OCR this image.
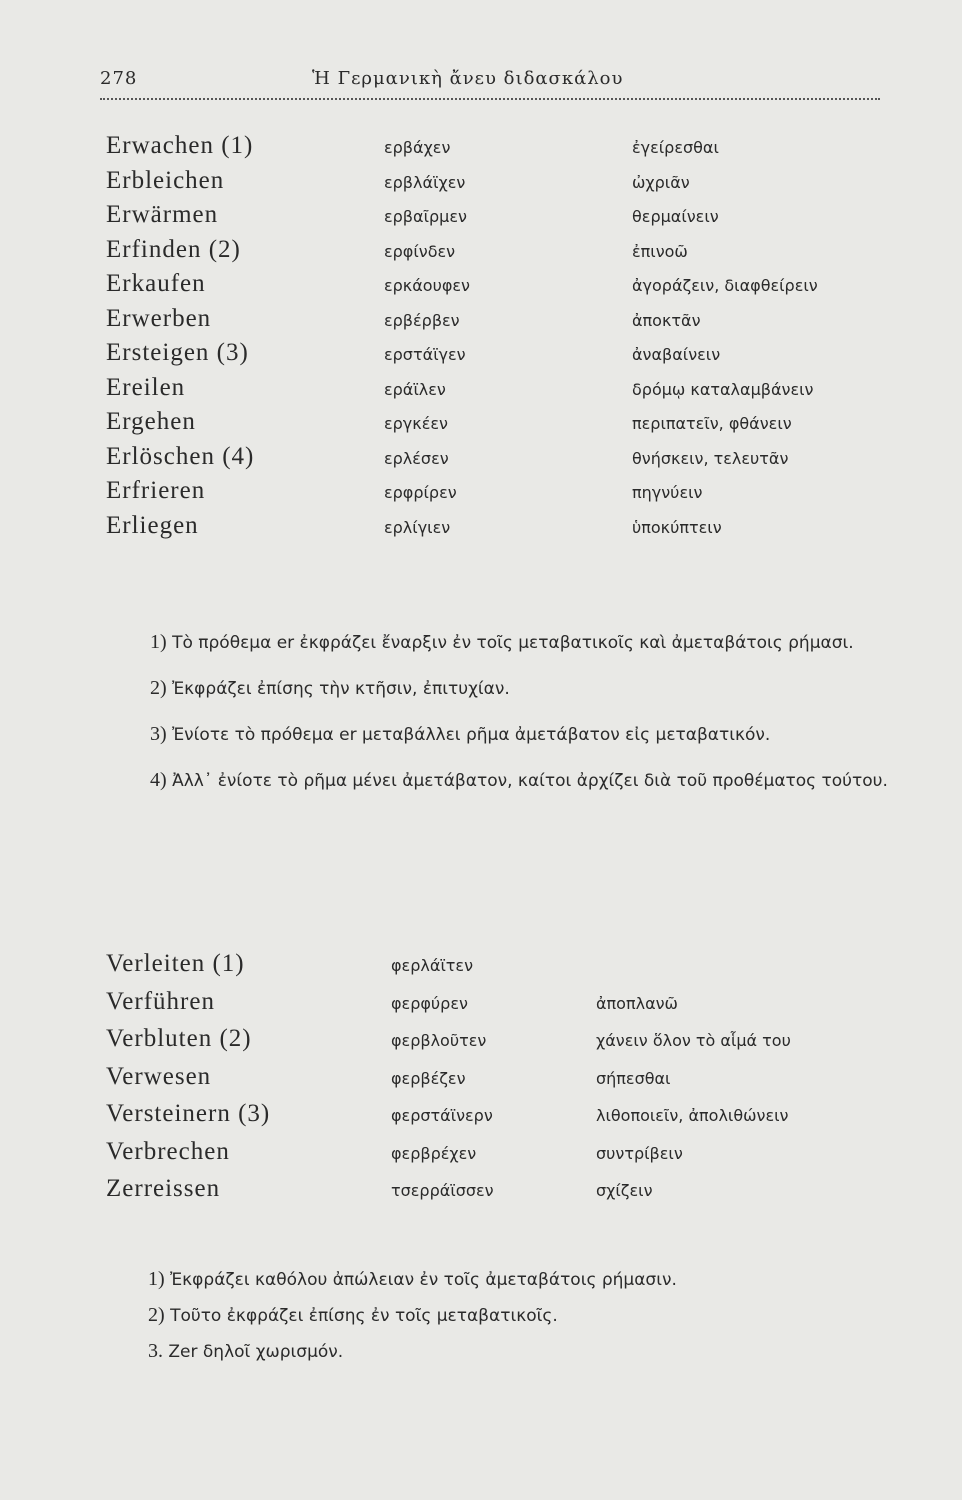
278	Ἡ Γερμανικὴ ἄνευ διδασκάλου
Erwachen (1)	ερβάχεν	ἐγείρεσθαι
Erbleichen	ερβλάϊχεν	ὠχριᾶν
Erwärmen	ερβαῖρμεν	θερμαίνειν
Erfinden (2)	ερφίνδεν	ἐπινοῶ
Erkaufen	ερκάουφεν	ἀγοράζειν, διαφθείρειν
Erwerben	ερβέρβεν	ἀποκτᾶν
Ersteigen (3)	ερστάϊγεν	ἀναβαίνειν
Ereilen	εράϊλεν	δρόμῳ καταλαμβάνειν
Ergehen	εργκέεν	περιπατεῖν, φθάνειν
Erlöschen (4)	ερλέσεν	θνήσκειν, τελευτᾶν
Erfrieren	ερφρίρεν	πηγνύειν
Erliegen	ερλίγιεν	ὑποκύπτειν

1) Τὸ πρόθεμα er ἐκφράζει ἔναρξιν ἐν τοῖς μεταβατικοῖς καὶ ἀμεταβάτοις ρήμασι.

2) Ἐκφράζει ἐπίσης τὴν κτῆσιν, ἐπιτυχίαν.

3) Ἐνίοτε τὸ πρόθεμα er μεταβάλλει ρῆμα ἀμετάβατον εἰς μεταβατικόν.

4) Ἀλλ᾽ ἐνίοτε τὸ ρῆμα μένει ἀμετάβατον, καίτοι ἀρχίζει διὰ τοῦ προθέματος τούτου.

Verleiten (1)	φερλάϊτεν
Verführen	φερφύρεν	ἀποπλανῶ
Verbluten (2)	φερβλοῦτεν	χάνειν ὅλον τὸ αἷμά του
Verwesen	φερβέζεν	σήπεσθαι
Versteinern (3)	φερστάϊνερν	λιθοποιεῖν, ἀπολιθώνειν
Verbrechen	φερβρέχεν	συντρίβειν
Zerreissen	τσερράϊσσεν	σχίζειν

1) Ἐκφράζει καθόλου ἀπώλειαν ἐν τοῖς ἀμεταβάτοις ρήμασιν.

2) Τοῦτο ἐκφράζει ἐπίσης ἐν τοῖς μεταβατικοῖς.

3. Zer δηλοῖ χωρισμόν.
